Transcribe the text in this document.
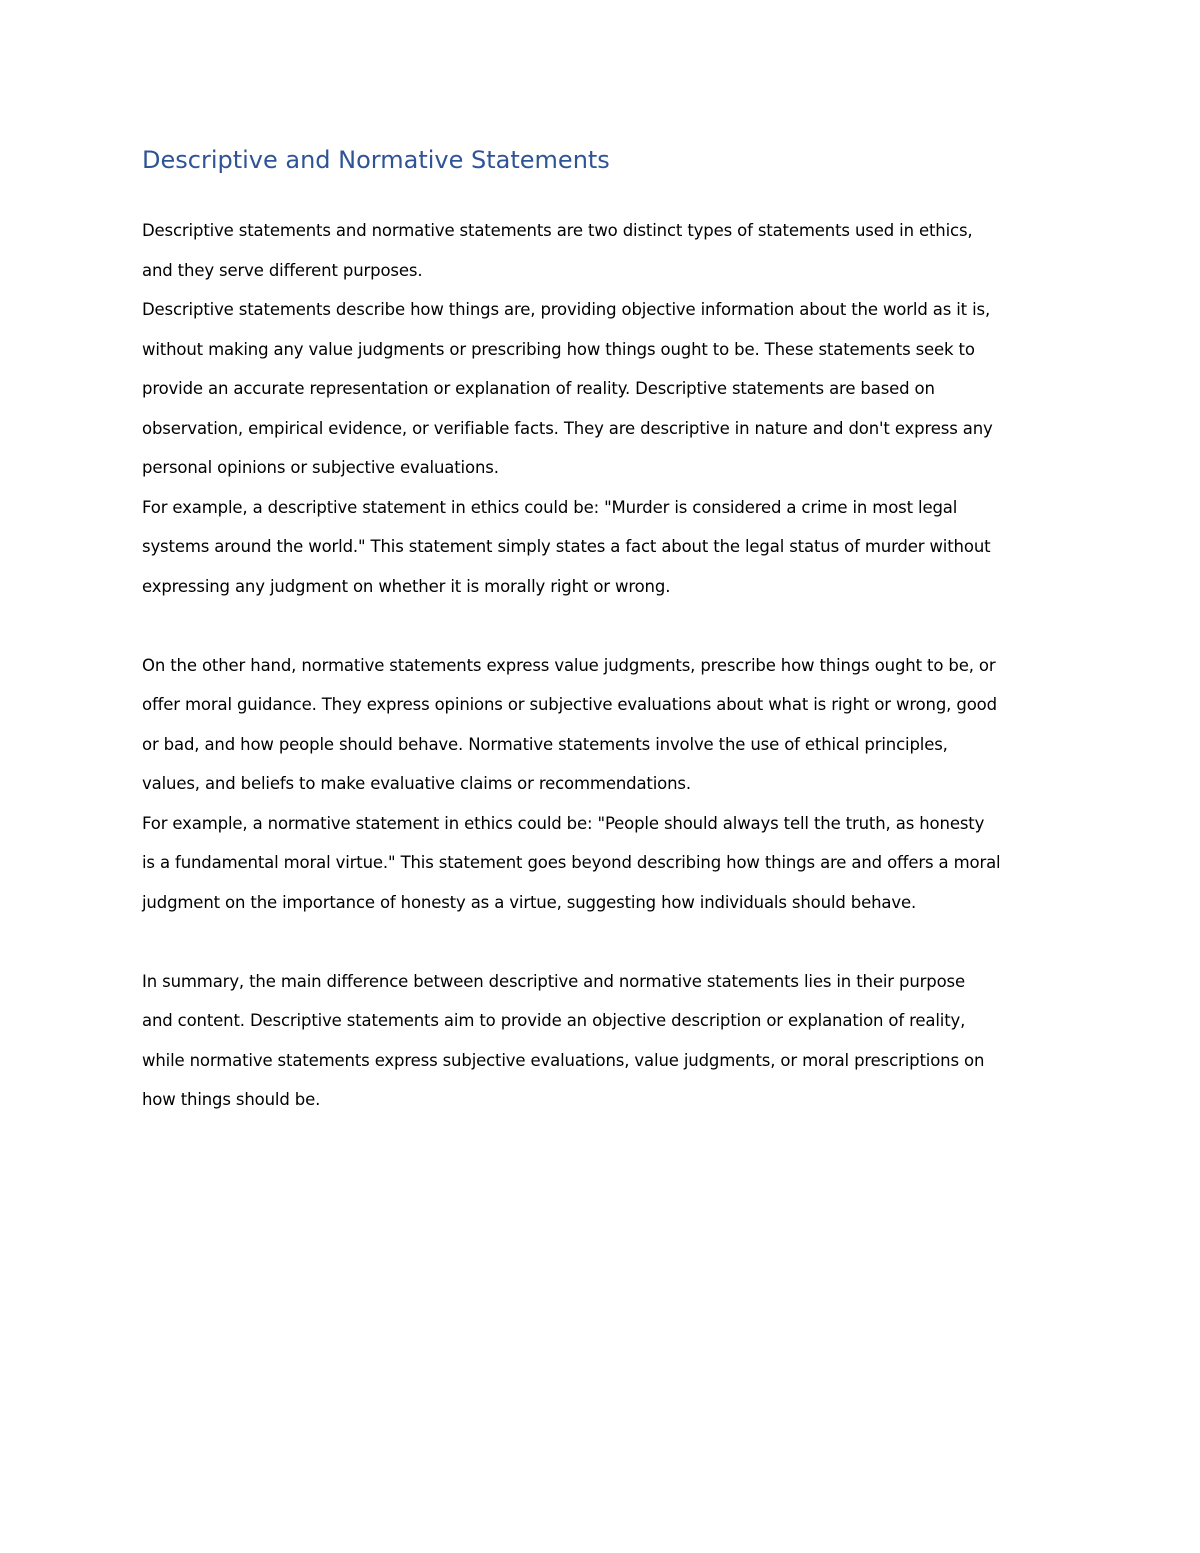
Descriptive and Normative Statements

Descriptive statements and normative statements are two distinct types of statements used in ethics,
and they serve different purposes.

Descriptive statements describe how things are, providing objective information about the world as it is,
without making any value judgments or prescribing how things ought to be. These statements seek to
provide an accurate representation or explanation of reality. Descriptive statements are based on
observation, empirical evidence, or verifiable facts. They are descriptive in nature and don't express any
personal opinions or subjective evaluations.

For example, a descriptive statement in ethics could be: "Murder is considered a crime in most legal
systems around the world." This statement simply states a fact about the legal status of murder without
expressing any judgment on whether it is morally right or wrong.

On the other hand, normative statements express value judgments, prescribe how things ought to be, or
offer moral guidance. They express opinions or subjective evaluations about what is right or wrong, good
or bad, and how people should behave. Normative statements involve the use of ethical principles,
values, and beliefs to make evaluative claims or recommendations.

For example, a normative statement in ethics could be: "People should always tell the truth, as honesty
is a fundamental moral virtue." This statement goes beyond describing how things are and offers a moral
judgment on the importance of honesty as a virtue, suggesting how individuals should behave.

In summary, the main difference between descriptive and normative statements lies in their purpose
and content. Descriptive statements aim to provide an objective description or explanation of reality,
while normative statements express subjective evaluations, value judgments, or moral prescriptions on
how things should be.
